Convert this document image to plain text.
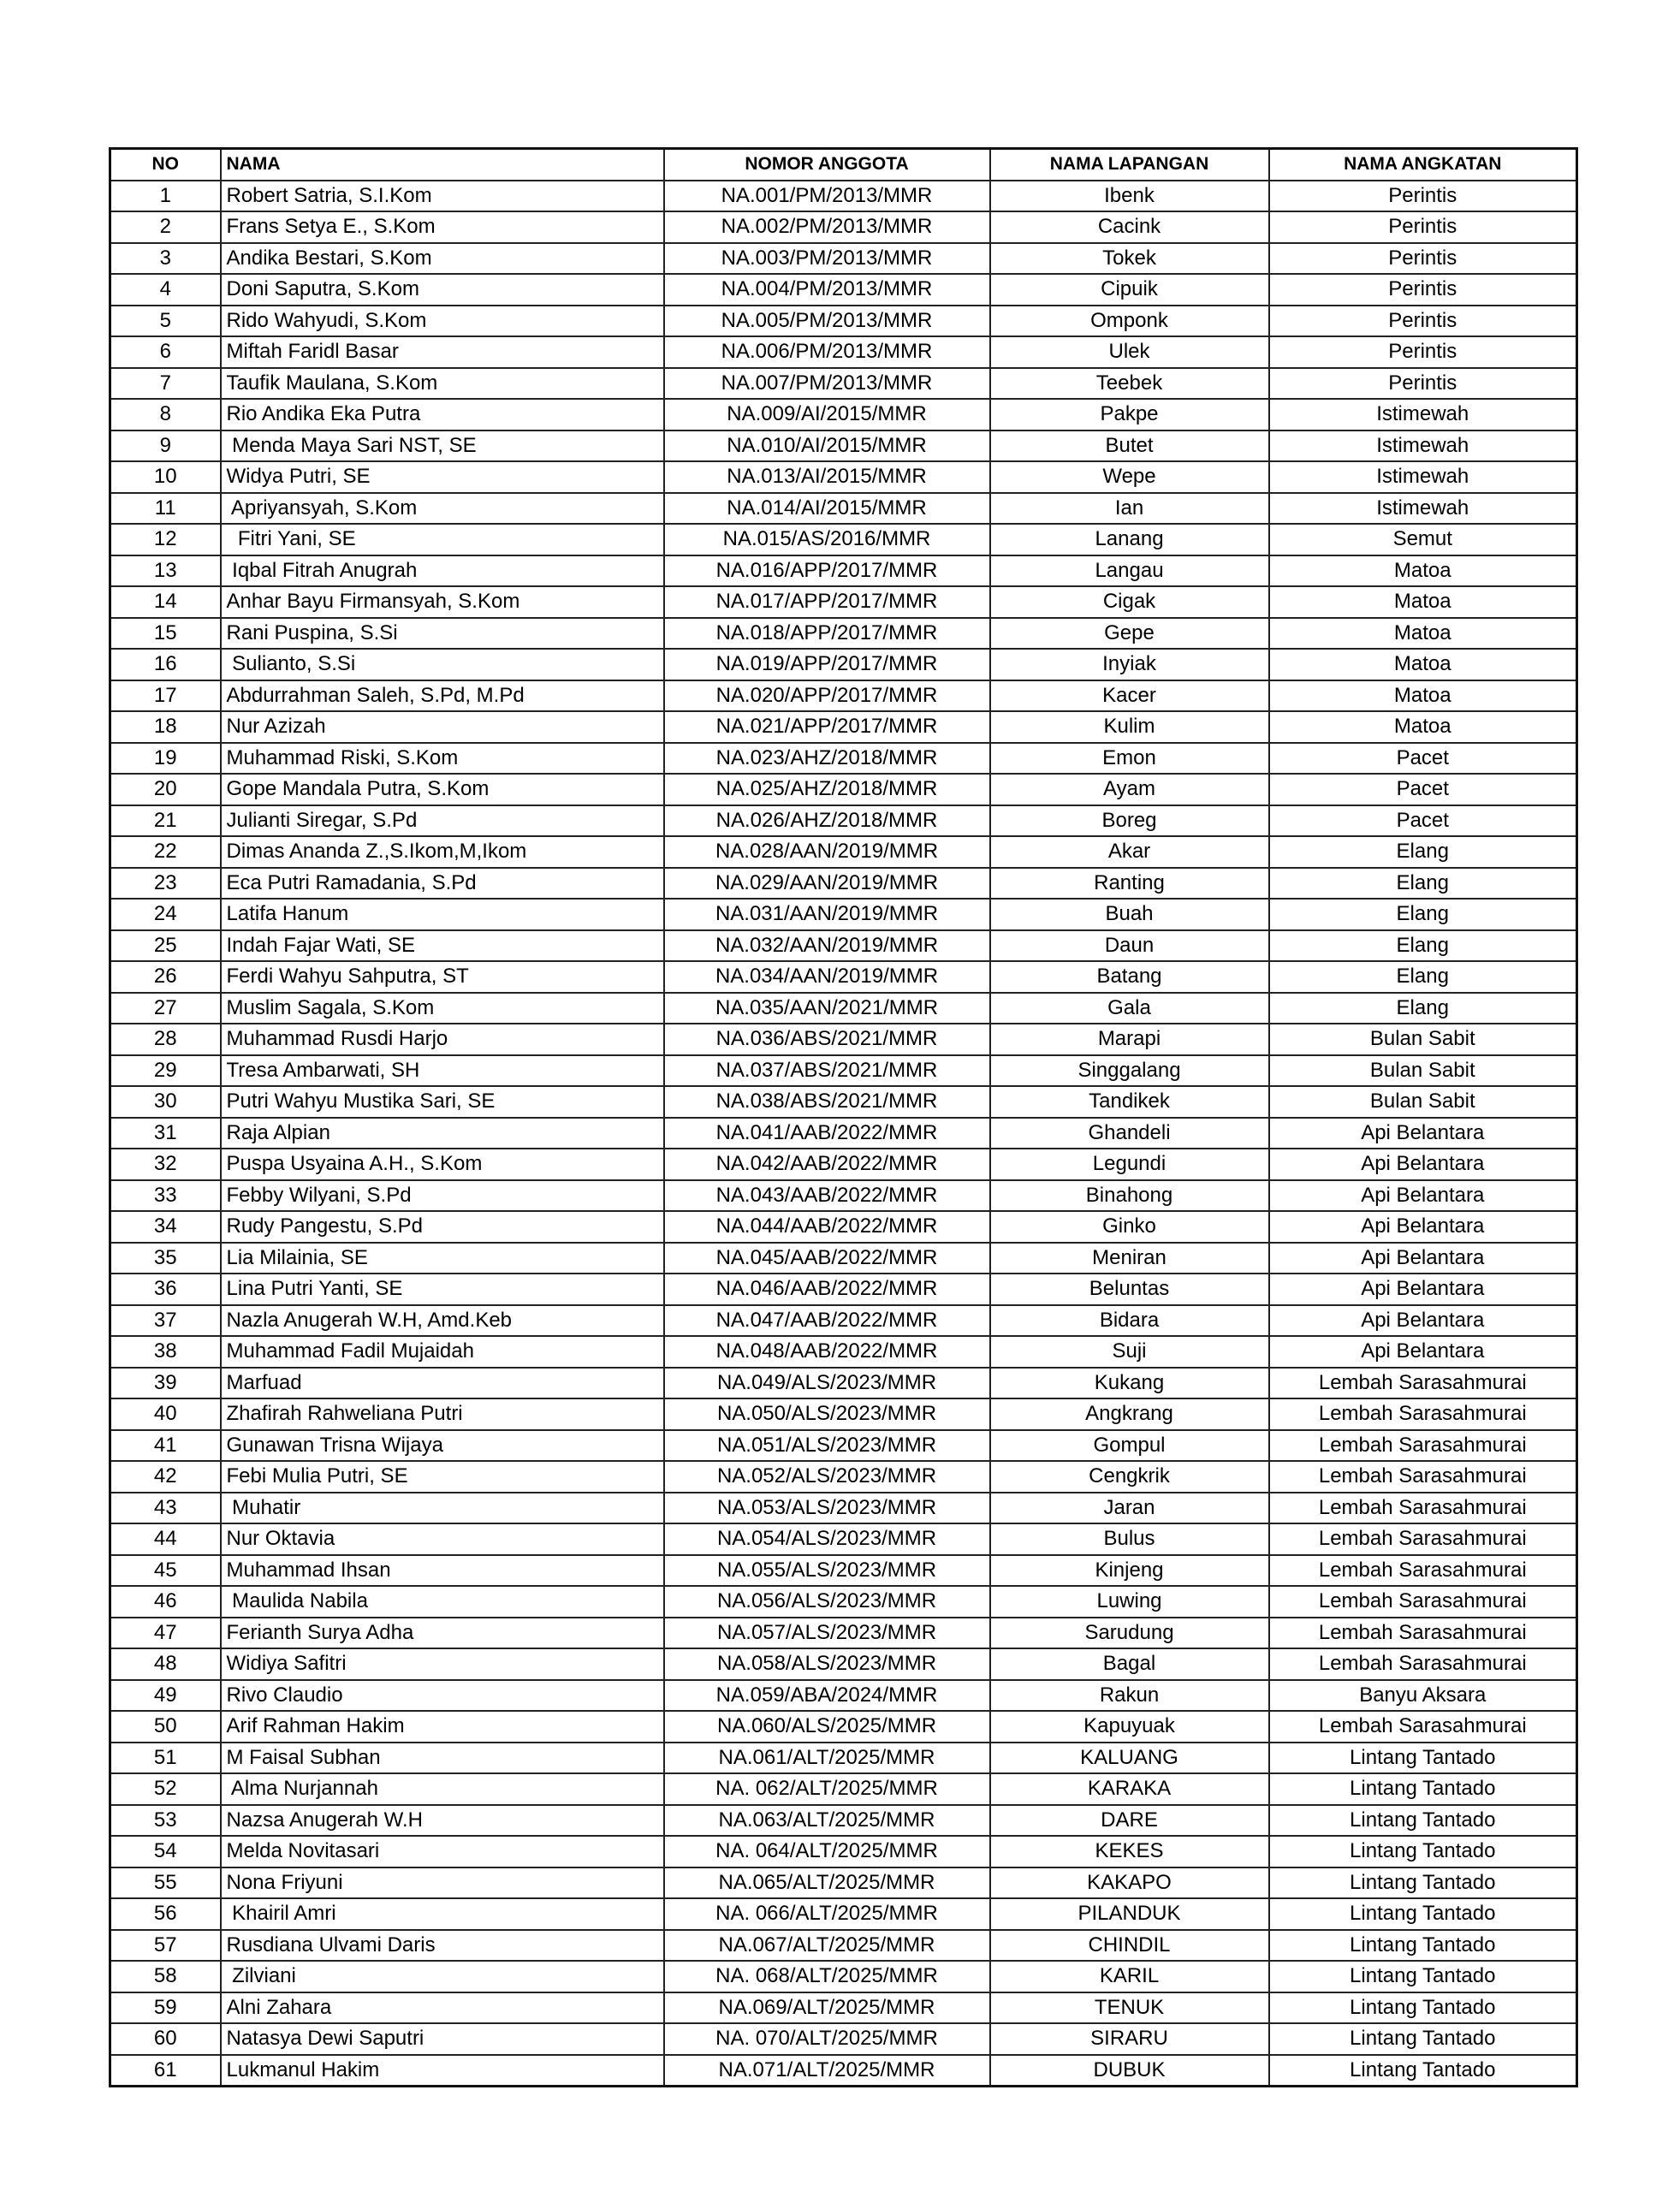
NO	NAMA	NOMOR ANGGOTA	NAMA LAPANGAN	NAMA ANGKATAN
1	Robert Satria, S.I.Kom	NA.001/PM/2013/MMR	Ibenk	Perintis
2	Frans Setya E., S.Kom	NA.002/PM/2013/MMR	Cacink	Perintis
3	Andika Bestari, S.Kom	NA.003/PM/2013/MMR	Tokek	Perintis
4	Doni Saputra, S.Kom	NA.004/PM/2013/MMR	Cipuik	Perintis
5	Rido Wahyudi, S.Kom	NA.005/PM/2013/MMR	Omponk	Perintis
6	Miftah Faridl Basar	NA.006/PM/2013/MMR	Ulek	Perintis
7	Taufik Maulana, S.Kom	NA.007/PM/2013/MMR	Teebek	Perintis
8	Rio Andika Eka Putra	NA.009/AI/2015/MMR	Pakpe	Istimewah
9	Menda Maya Sari NST, SE	NA.010/AI/2015/MMR	Butet	Istimewah
10	Widya Putri, SE	NA.013/AI/2015/MMR	Wepe	Istimewah
11	Apriyansyah, S.Kom	NA.014/AI/2015/MMR	Ian	Istimewah
12	Fitri Yani, SE	NA.015/AS/2016/MMR	Lanang	Semut
13	Iqbal Fitrah Anugrah	NA.016/APP/2017/MMR	Langau	Matoa
14	Anhar Bayu Firmansyah, S.Kom	NA.017/APP/2017/MMR	Cigak	Matoa
15	Rani Puspina, S.Si	NA.018/APP/2017/MMR	Gepe	Matoa
16	Sulianto, S.Si	NA.019/APP/2017/MMR	Inyiak	Matoa
17	Abdurrahman Saleh, S.Pd, M.Pd	NA.020/APP/2017/MMR	Kacer	Matoa
18	Nur Azizah	NA.021/APP/2017/MMR	Kulim	Matoa
19	Muhammad Riski, S.Kom	NA.023/AHZ/2018/MMR	Emon	Pacet
20	Gope Mandala Putra, S.Kom	NA.025/AHZ/2018/MMR	Ayam	Pacet
21	Julianti Siregar, S.Pd	NA.026/AHZ/2018/MMR	Boreg	Pacet
22	Dimas Ananda Z.,S.Ikom,M,Ikom	NA.028/AAN/2019/MMR	Akar	Elang
23	Eca Putri Ramadania, S.Pd	NA.029/AAN/2019/MMR	Ranting	Elang
24	Latifa Hanum	NA.031/AAN/2019/MMR	Buah	Elang
25	Indah Fajar Wati, SE	NA.032/AAN/2019/MMR	Daun	Elang
26	Ferdi Wahyu Sahputra, ST	NA.034/AAN/2019/MMR	Batang	Elang
27	Muslim Sagala, S.Kom	NA.035/AAN/2021/MMR	Gala	Elang
28	Muhammad Rusdi Harjo	NA.036/ABS/2021/MMR	Marapi	Bulan Sabit
29	Tresa Ambarwati, SH	NA.037/ABS/2021/MMR	Singgalang	Bulan Sabit
30	Putri Wahyu Mustika Sari, SE	NA.038/ABS/2021/MMR	Tandikek	Bulan Sabit
31	Raja Alpian	NA.041/AAB/2022/MMR	Ghandeli	Api Belantara
32	Puspa Usyaina A.H., S.Kom	NA.042/AAB/2022/MMR	Legundi	Api Belantara
33	Febby Wilyani, S.Pd	NA.043/AAB/2022/MMR	Binahong	Api Belantara
34	Rudy Pangestu, S.Pd	NA.044/AAB/2022/MMR	Ginko	Api Belantara
35	Lia Milainia, SE	NA.045/AAB/2022/MMR	Meniran	Api Belantara
36	Lina Putri Yanti, SE	NA.046/AAB/2022/MMR	Beluntas	Api Belantara
37	Nazla Anugerah W.H, Amd.Keb	NA.047/AAB/2022/MMR	Bidara	Api Belantara
38	Muhammad Fadil Mujaidah	NA.048/AAB/2022/MMR	Suji	Api Belantara
39	Marfuad	NA.049/ALS/2023/MMR	Kukang	Lembah Sarasahmurai
40	Zhafirah Rahweliana Putri	NA.050/ALS/2023/MMR	Angkrang	Lembah Sarasahmurai
41	Gunawan Trisna Wijaya	NA.051/ALS/2023/MMR	Gompul	Lembah Sarasahmurai
42	Febi Mulia Putri, SE	NA.052/ALS/2023/MMR	Cengkrik	Lembah Sarasahmurai
43	Muhatir	NA.053/ALS/2023/MMR	Jaran	Lembah Sarasahmurai
44	Nur Oktavia	NA.054/ALS/2023/MMR	Bulus	Lembah Sarasahmurai
45	Muhammad Ihsan	NA.055/ALS/2023/MMR	Kinjeng	Lembah Sarasahmurai
46	Maulida Nabila	NA.056/ALS/2023/MMR	Luwing	Lembah Sarasahmurai
47	Ferianth Surya Adha	NA.057/ALS/2023/MMR	Sarudung	Lembah Sarasahmurai
48	Widiya Safitri	NA.058/ALS/2023/MMR	Bagal	Lembah Sarasahmurai
49	Rivo Claudio	NA.059/ABA/2024/MMR	Rakun	Banyu Aksara
50	Arif Rahman Hakim	NA.060/ALS/2025/MMR	Kapuyuak	Lembah Sarasahmurai
51	M Faisal Subhan	NA.061/ALT/2025/MMR	KALUANG	Lintang Tantado
52	Alma Nurjannah	NA. 062/ALT/2025/MMR	KARAKA	Lintang Tantado
53	Nazsa Anugerah W.H	NA.063/ALT/2025/MMR	DARE	Lintang Tantado
54	Melda Novitasari	NA. 064/ALT/2025/MMR	KEKES	Lintang Tantado
55	Nona Friyuni	NA.065/ALT/2025/MMR	KAKAPO	Lintang Tantado
56	Khairil Amri	NA. 066/ALT/2025/MMR	PILANDUK	Lintang Tantado
57	Rusdiana Ulvami Daris	NA.067/ALT/2025/MMR	CHINDIL	Lintang Tantado
58	Zilviani	NA. 068/ALT/2025/MMR	KARIL	Lintang Tantado
59	Alni Zahara	NA.069/ALT/2025/MMR	TENUK	Lintang Tantado
60	Natasya Dewi Saputri	NA. 070/ALT/2025/MMR	SIRARU	Lintang Tantado
61	Lukmanul Hakim	NA.071/ALT/2025/MMR	DUBUK	Lintang Tantado
